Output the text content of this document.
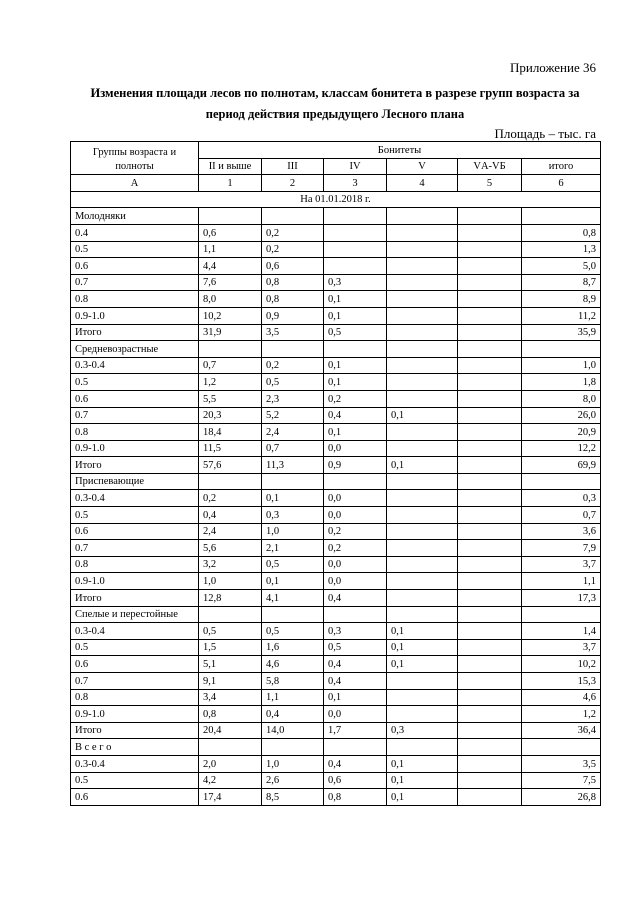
Приложение 36
Изменения площади лесов по полнотам, классам бонитета в разрезе групп возраста за
период действия предыдущего Лесного плана
Площадь – тыс. га
Группы возраста и полноты	Бонитеты					
	II и выше	III	IV	V	VА-VБ	итого
А	1	2	3	4	5	6
На 01.01.2018 г.						
Молодняки						
0.4	0,6	0,2				0,8
0.5	1,1	0,2				1,3
0.6	4,4	0,6				5,0
0.7	7,6	0,8	0,3			8,7
0.8	8,0	0,8	0,1			8,9
0.9-1.0	10,2	0,9	0,1			11,2
Итого	31,9	3,5	0,5			35,9
Средневозрастные						
0.3-0.4	0,7	0,2	0,1			1,0
0.5	1,2	0,5	0,1			1,8
0.6	5,5	2,3	0,2			8,0
0.7	20,3	5,2	0,4	0,1		26,0
0.8	18,4	2,4	0,1			20,9
0.9-1.0	11,5	0,7	0,0			12,2
Итого	57,6	11,3	0,9	0,1		69,9
Приспевающие						
0.3-0.4	0,2	0,1	0,0			0,3
0.5	0,4	0,3	0,0			0,7
0.6	2,4	1,0	0,2			3,6
0.7	5,6	2,1	0,2			7,9
0.8	3,2	0,5	0,0			3,7
0.9-1.0	1,0	0,1	0,0			1,1
Итого	12,8	4,1	0,4			17,3
Спелые и перестойные						
0.3-0.4	0,5	0,5	0,3	0,1		1,4
0.5	1,5	1,6	0,5	0,1		3,7
0.6	5,1	4,6	0,4	0,1		10,2
0.7	9,1	5,8	0,4			15,3
0.8	3,4	1,1	0,1			4,6
0.9-1.0	0,8	0,4	0,0			1,2
Итого	20,4	14,0	1,7	0,3		36,4
В с е г о						
0.3-0.4	2,0	1,0	0,4	0,1		3,5
0.5	4,2	2,6	0,6	0,1		7,5
0.6	17,4	8,5	0,8	0,1		26,8
